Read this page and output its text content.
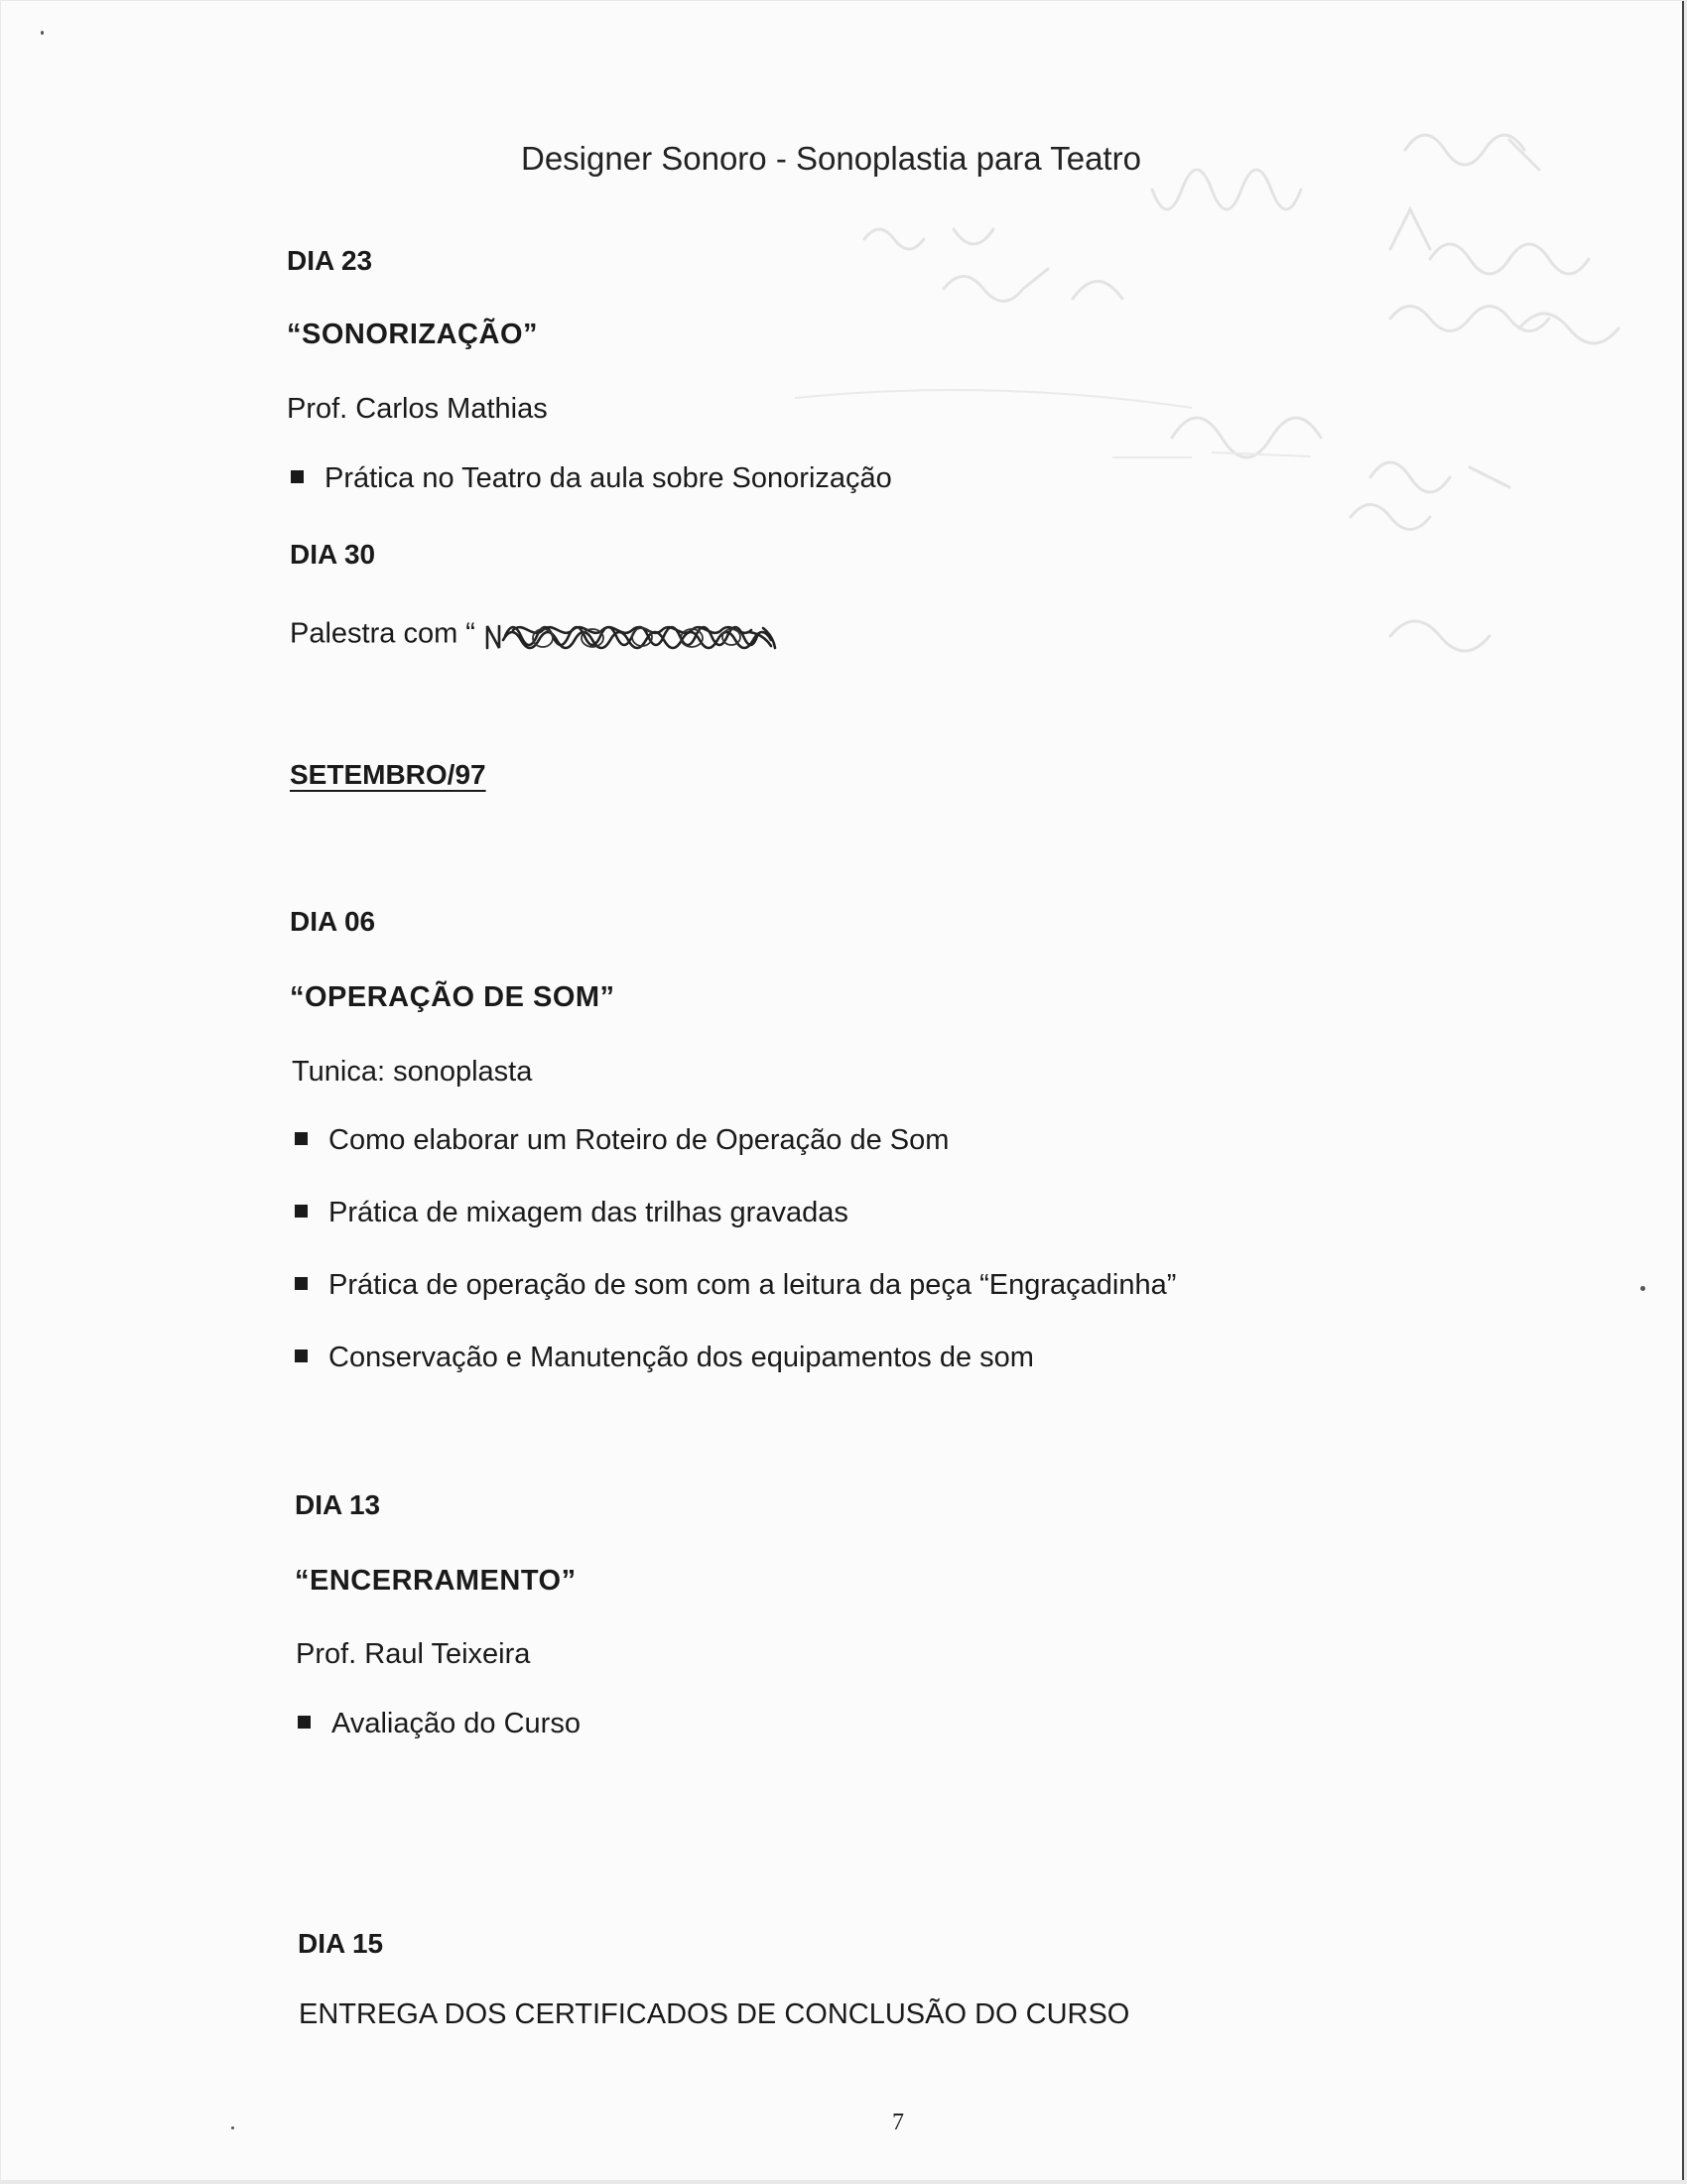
Designer Sonoro - Sonoplastia para Teatro
DIA 23
“SONORIZAÇÃO”
Prof. Carlos Mathias
Prática no Teatro da aula sobre Sonorização
DIA 30
Palestra com “
SETEMBRO/97
DIA 06
“OPERAÇÃO DE SOM”
Tunica: sonoplasta
Como elaborar um Roteiro de Operação de Som
Prática de mixagem das trilhas gravadas
Prática de operação de som com a leitura da peça “Engraçadinha”
Conservação e Manutenção dos equipamentos de som
DIA 13
“ENCERRAMENTO”
Prof. Raul Teixeira
Avaliação do Curso
DIA 15
ENTREGA DOS CERTIFICADOS DE CONCLUSÃO DO CURSO
7
